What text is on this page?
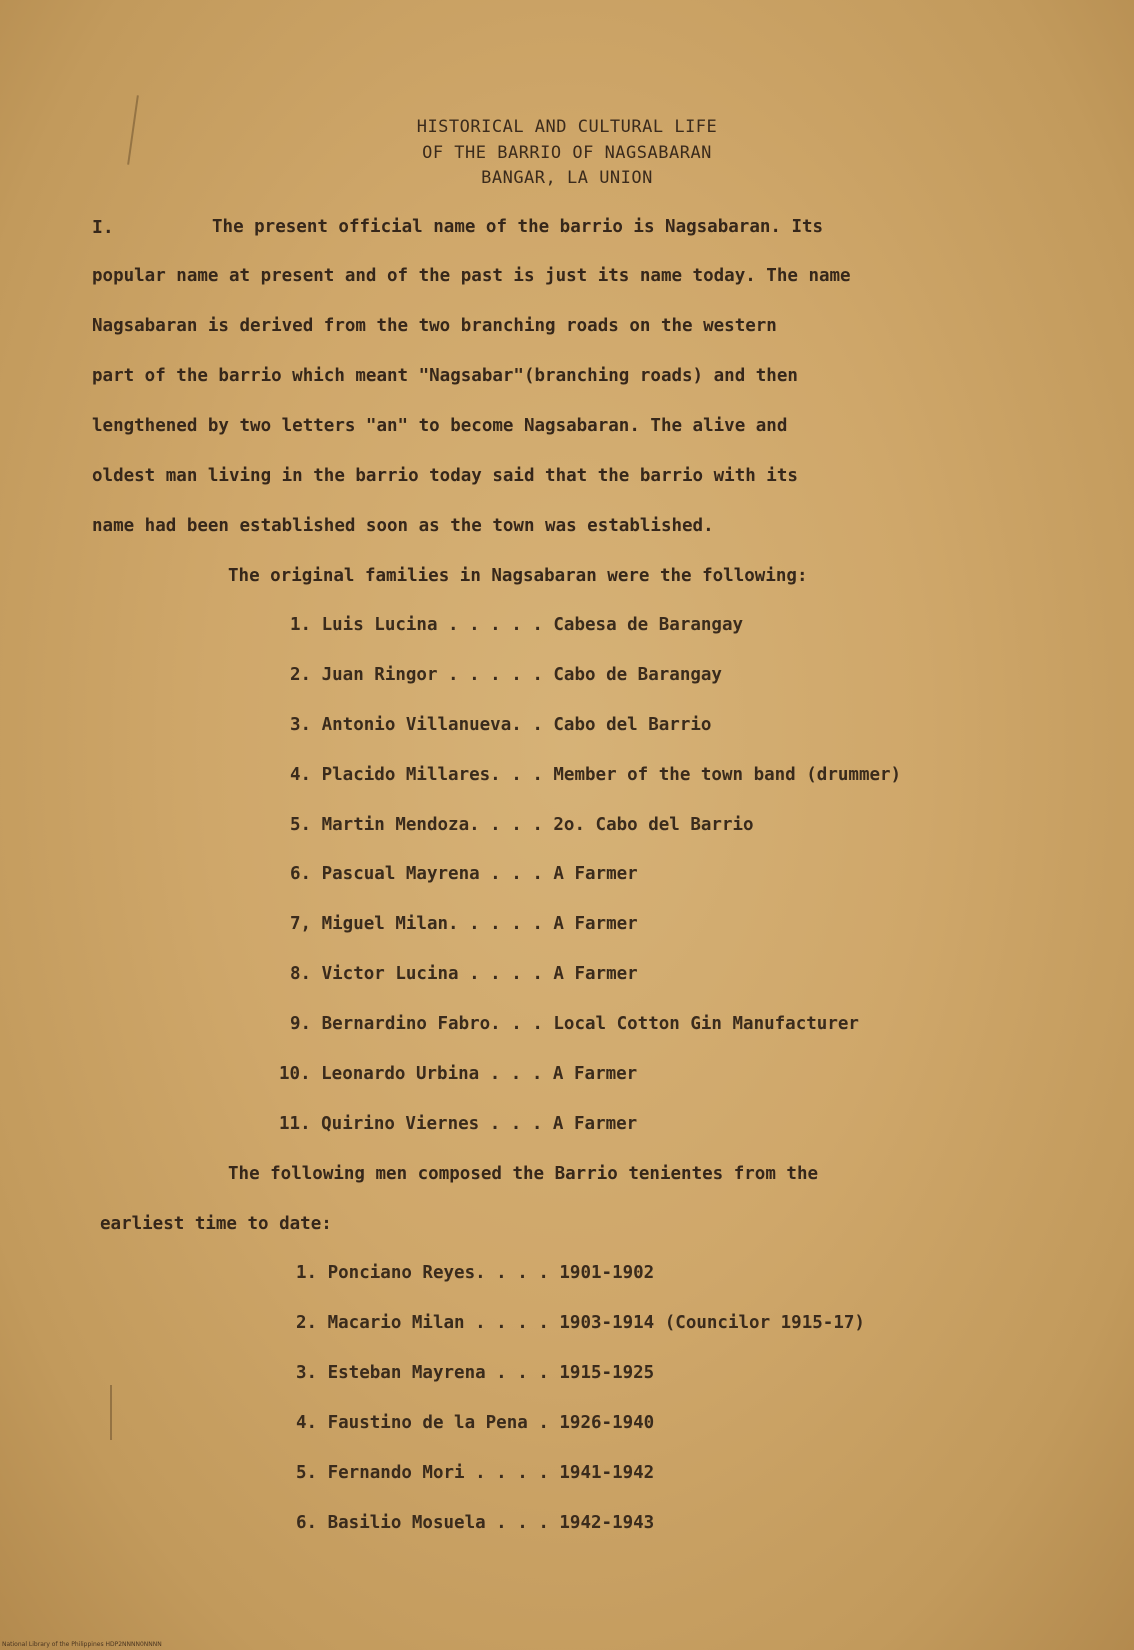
HISTORICAL AND CULTURAL LIFE
OF THE BARRIO OF NAGSABARAN
BANGAR, LA UNION
I.	The present official name of the barrio is Nagsabaran. Its
popular name at present and of the past is just its name today. The name
Nagsabaran is derived from the two branching roads on the western
part of the barrio which meant "Nagsabar"(branching roads) and then
lengthened by two letters "an" to become Nagsabaran. The alive and
oldest man living in the barrio today said that the barrio with its
name had been established soon as the town was established.
The original families in Nagsabaran were the following:
1. Luis Lucina . . . . . Cabesa de Barangay
2. Juan Ringor . . . . . Cabo de Barangay
3. Antonio Villanueva. . Cabo del Barrio
4. Placido Millares. . . Member of the town band (drummer)
5. Martin Mendoza. . . . 2o. Cabo del Barrio
6. Pascual Mayrena . . . A Farmer
7, Miguel Milan. . . . . A Farmer
8. Victor Lucina . . . . A Farmer
9. Bernardino Fabro. . . Local Cotton Gin Manufacturer
10. Leonardo Urbina . . . A Farmer
11. Quirino Viernes . . . A Farmer
The following men composed the Barrio tenientes from the
earliest time to date:
1. Ponciano Reyes. . . . 1901-1902
2. Macario Milan . . . . 1903-1914 (Councilor 1915-17)
3. Esteban Mayrena . . . 1915-1925
4. Faustino de la Pena . 1926-1940
5. Fernando Mori . . . . 1941-1942
6. Basilio Mosuela . . . 1942-1943
National Library of the Philippines HDP2NNNN0NNNN
